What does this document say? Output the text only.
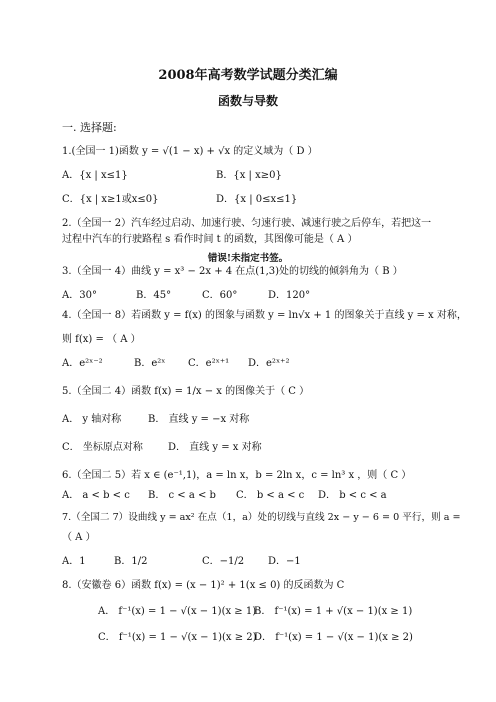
2008年高考数学试题分类汇编
函数与导数
一. 选择题:
1.(全国一 1)函数 y = √(1 − x) + √x 的定义域为（ D ）
A．{x | x≤1}	B．{x | x≥0}
C．{x | x≥1或x≤0}	D．{x | 0≤x≤1}
2.（全国一 2）汽车经过启动、加速行驶、匀速行驶、减速行驶之后停车，若把这一
过程中汽车的行驶路程 s 看作时间 t 的函数，其图像可能是（ A ）
错误!未指定书签。
3.（全国一 4）曲线 y = x³ − 2x + 4 在点(1,3)处的切线的倾斜角为（ B ）
A．30°	B．45°	C．60°	D．120°
4.（全国一 8）若函数 y = f(x) 的图象与函数 y = ln√x + 1 的图象关于直线 y = x 对称，
则 f(x) = （ A ）
A．e²ˣ⁻²	B．e²ˣ C．e²ˣ⁺¹ D．e²ˣ⁺²
5.（全国二 4）函数 f(x) = 1/x − x 的图像关于（ C ）
A． y 轴对称	B． 直线 y = −x 对称
C． 坐标原点对称	D． 直线 y = x 对称
6.（全国二 5）若 x ∈ (e⁻¹,1)，a = ln x，b = 2ln x，c = ln³ x ，则（ C ）
A． a < b < c B． c < a < b C． b < a < c D． b < c < a
7.（全国二 7）设曲线 y = ax² 在点（1，a）处的切线与直线 2x − y − 6 = 0 平行，则 a =
（ A ）
A．1	B．1/2	C．−1/2 D．−1
8.（安徽卷 6）函数 f(x) = (x − 1)² + 1(x ≤ 0) 的反函数为 C
A． f⁻¹(x) = 1 − √(x − 1)(x ≥ 1)
B． f⁻¹(x) = 1 + √(x − 1)(x ≥ 1)
C． f⁻¹(x) = 1 − √(x − 1)(x ≥ 2)
D． f⁻¹(x) = 1 − √(x − 1)(x ≥ 2)
